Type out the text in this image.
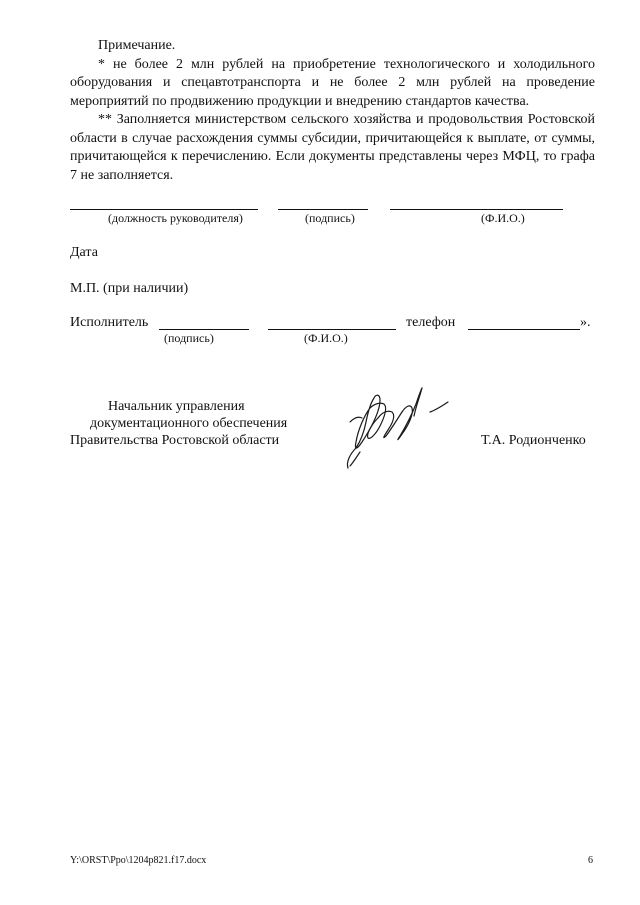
Примечание.

* не более 2 млн рублей на приобретение технологического и холодильного оборудования и спецавтотранспорта и не более 2 млн рублей на проведение мероприятий по продвижению продукции и внедрению стандартов качества.

** Заполняется министерством сельского хозяйства и продовольствия Ростовской области в случае расхождения суммы субсидии, причитающейся к выплате, от суммы, причитающейся к перечислению. Если документы представлены через МФЦ, то графа 7 не заполняется.

(должность руководителя)	(подпись)	(Ф.И.О.)
Дата
М.П. (при наличии)
Исполнитель	телефон	».
(подпись)	(Ф.И.О.)
Начальник управления
документационного обеспечения
Правительства Ростовской области	Т.А. Родионченко
Y:\ORST\Ppo\1204p821.f17.docx	6
